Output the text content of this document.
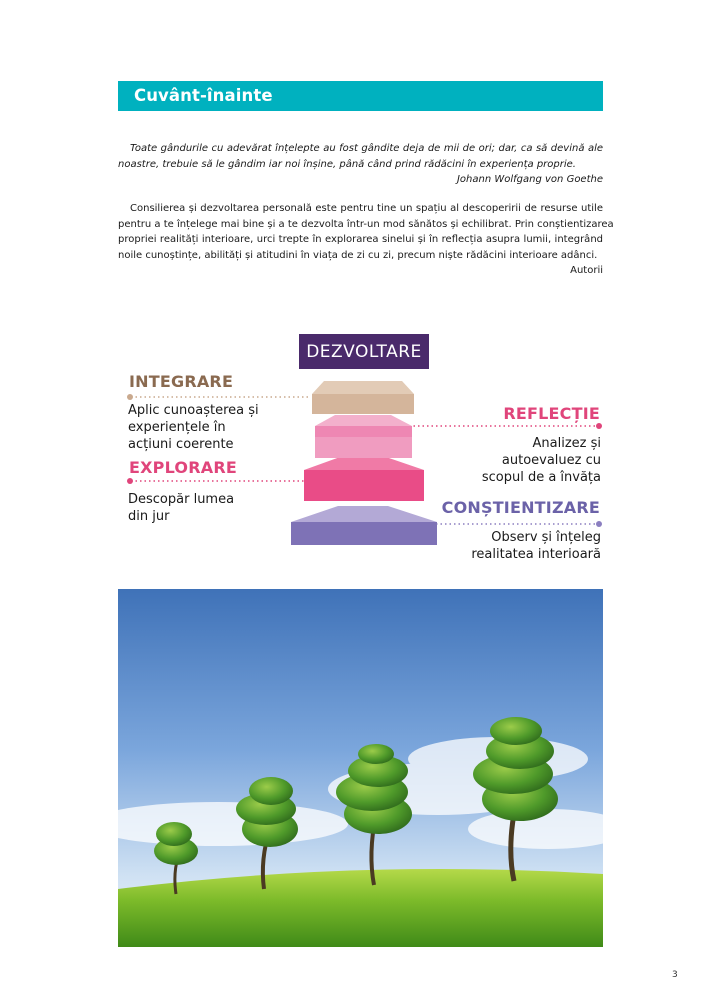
Cuvânt-înainte
Toate gândurile cu adevărat înțelepte au fost gândite deja de mii de ori; dar, ca să devină ale
noastre, trebuie să le gândim iar noi înșine, până când prind rădăcini în experiența proprie.
Johann Wolfgang von Goethe
Consilierea și dezvoltarea personală este pentru tine un spațiu al descoperirii de resurse utile
pentru a te înțelege mai bine și a te dezvolta într-un mod sănătos și echilibrat. Prin conștientizarea
propriei realități interioare, urci trepte în explorarea sinelui și în reflecția asupra lumii, integrând
noile cunoștințe, abilități și atitudini în viața de zi cu zi, precum niște rădăcini interioare adânci.
Autorii
DEZVOLTARE
INTEGRARE
Aplic cunoașterea și
experiențele în
acțiuni coerente
REFLECȚIE
Analizez și
autoevaluez cu
scopul de a învăța
EXPLORARE
Descopăr lumea
din jur	CONȘTIENTIZARE
Observ și înțeleg
realitatea interioară
3
